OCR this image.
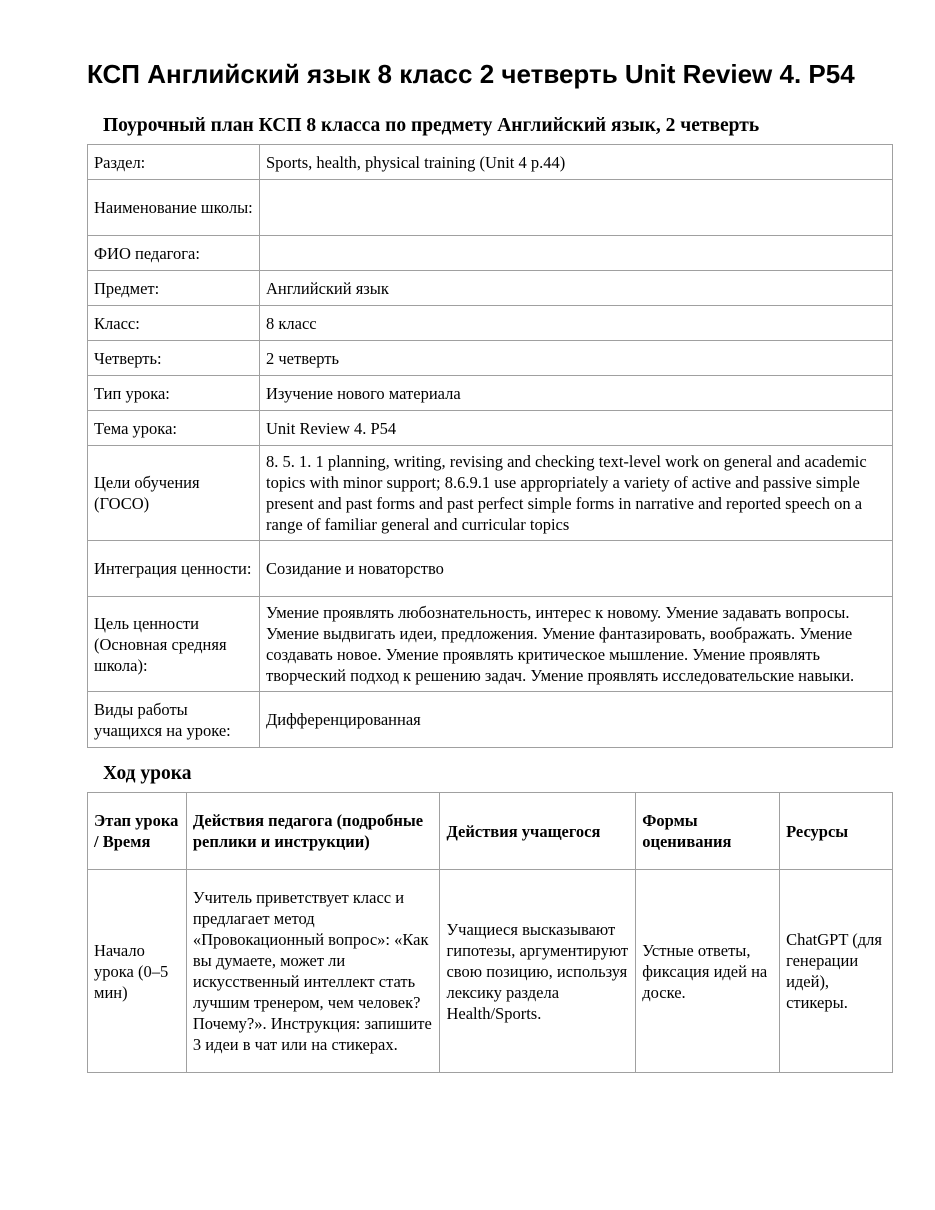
КСП Английский язык 8 класс 2 четверть Unit Review 4. P54
Поурочный план КСП 8 класса по предмету Английский язык, 2 четверть
Раздел:	Sports, health, physical training (Unit 4 p.44)
Наименование школы:	
ФИО педагога:	
Предмет:	Английский язык
Класс:	8 класс
Четверть:	2 четверть
Тип урока:	Изучение нового материала
Тема урока:	Unit Review 4. P54
Цели обучения (ГОСО)	8. 5. 1. 1 planning, writing, revising and checking text-level work on general and academic topics with minor support; 8.6.9.1 use appropriately a variety of active and passive simple present and past forms and past perfect simple forms in narrative and reported speech on a range of familiar general and curricular topics
Интеграция ценности:	Созидание и новаторство
Цель ценности (Основная средняя школа):	Умение проявлять любознательность, интерес к новому. Умение задавать вопросы. Умение выдвигать идеи, предложения. Умение фантазировать, воображать. Умение создавать новое. Умение проявлять критическое мышление. Умение проявлять творческий подход к решению задач. Умение проявлять исследовательские навыки.
Виды работы учащихся на уроке:	Дифференцированная
Ход урока
Этап урока / Время	Действия педагога (подробные реплики и инструкции)	Действия учащегося	Формы оценивания	Ресурсы
Начало урока (0–5 мин)	Учитель приветствует класс и предлагает метод «Провокационный вопрос»: «Как вы думаете, может ли искусственный интеллект стать лучшим тренером, чем человек? Почему?». Инструкция: запишите 3 идеи в чат или на стикерах.	Учащиеся высказывают гипотезы, аргументируют свою позицию, используя лексику раздела Health/Sports.	Устные ответы, фиксация идей на доске.	ChatGPT (для генерации идей), стикеры.
